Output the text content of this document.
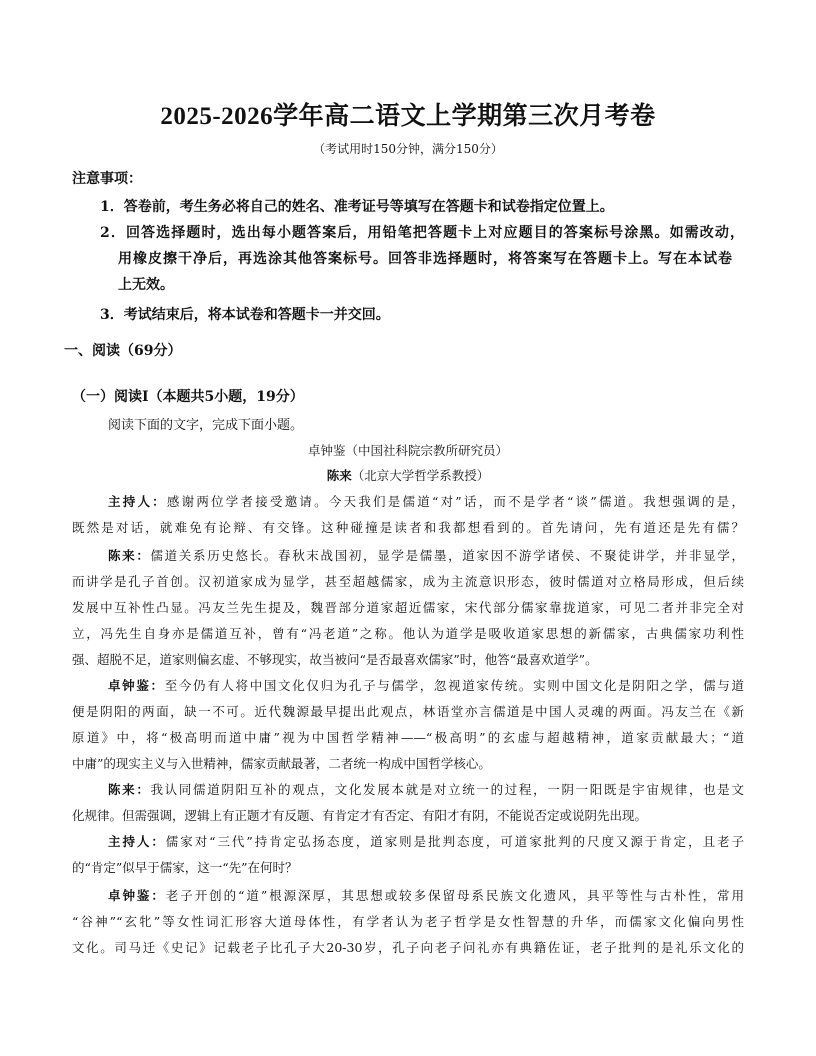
2025-2026学年高二语文上学期第三次月考卷
（考试用时150分钟，满分150分）
注意事项：
1．答卷前，考生务必将自己的姓名、准考证号等填写在答题卡和试卷指定位置上。
2．回答选择题时，选出每小题答案后，用铅笔把答题卡上对应题目的答案标号涂黑。如需改动，
用橡皮擦干净后，再选涂其他答案标号。回答非选择题时，将答案写在答题卡上。写在本试卷
上无效。
3．考试结束后，将本试卷和答题卡一并交回。
一、阅读（69分）
（一）阅读Ⅰ（本题共5小题，19分）
阅读下面的文字，完成下面小题。
卓钟鉴（中国社科院宗教所研究员）
陈来（北京大学哲学系教授）
主持人：感谢两位学者接受邀请。今天我们是儒道“对”话，而不是学者“谈”儒道。我想强调的是，
既然是对话，就难免有论辩、有交锋。这种碰撞是读者和我都想看到的。首先请问，先有道还是先有儒？
陈来：儒道关系历史悠长。春秋末战国初，显学是儒墨，道家因不游学诸侯、不聚徒讲学，并非显学，
而讲学是孔子首创。汉初道家成为显学，甚至超越儒家，成为主流意识形态，彼时儒道对立格局形成，但后续
发展中互补性凸显。冯友兰先生提及，魏晋部分道家超近儒家，宋代部分儒家靠拢道家，可见二者并非完全对
立，冯先生自身亦是儒道互补，曾有“冯老道”之称。他认为道学是吸收道家思想的新儒家，古典儒家功利性
强、超脱不足，道家则偏玄虚、不够现实，故当被问“是否最喜欢儒家”时，他答“最喜欢道学”。
卓钟鉴：至今仍有人将中国文化仅归为孔子与儒学，忽视道家传统。实则中国文化是阴阳之学，儒与道
便是阴阳的两面，缺一不可。近代魏源最早提出此观点，林语堂亦言儒道是中国人灵魂的两面。冯友兰在《新
原道》中，将“极高明而道中庸”视为中国哲学精神——“极高明”的玄虚与超越精神，道家贡献最大；“道
中庸”的现实主义与入世精神，儒家贡献最著，二者统一构成中国哲学核心。
陈来：我认同儒道阴阳互补的观点，文化发展本就是对立统一的过程，一阴一阳既是宇宙规律，也是文
化规律。但需强调，逻辑上有正题才有反题、有肯定才有否定、有阳才有阴，不能说否定或说阴先出现。
主持人：儒家对“三代”持肯定弘扬态度，道家则是批判态度，可道家批判的尺度又源于肯定，且老子
的“肯定”似早于儒家，这一“先”在何时？
卓钟鉴：老子开创的“道”根源深厚，其思想或较多保留母系民族文化遗风，具平等性与古朴性，常用
“谷神”“玄牝”等女性词汇形容大道母体性，有学者认为老子哲学是女性智慧的升华，而儒家文化偏向男性
文化。司马迁《史记》记载老子比孔子大20-30岁，孔子向老子问礼亦有典籍佐证，老子批判的是礼乐文化的
